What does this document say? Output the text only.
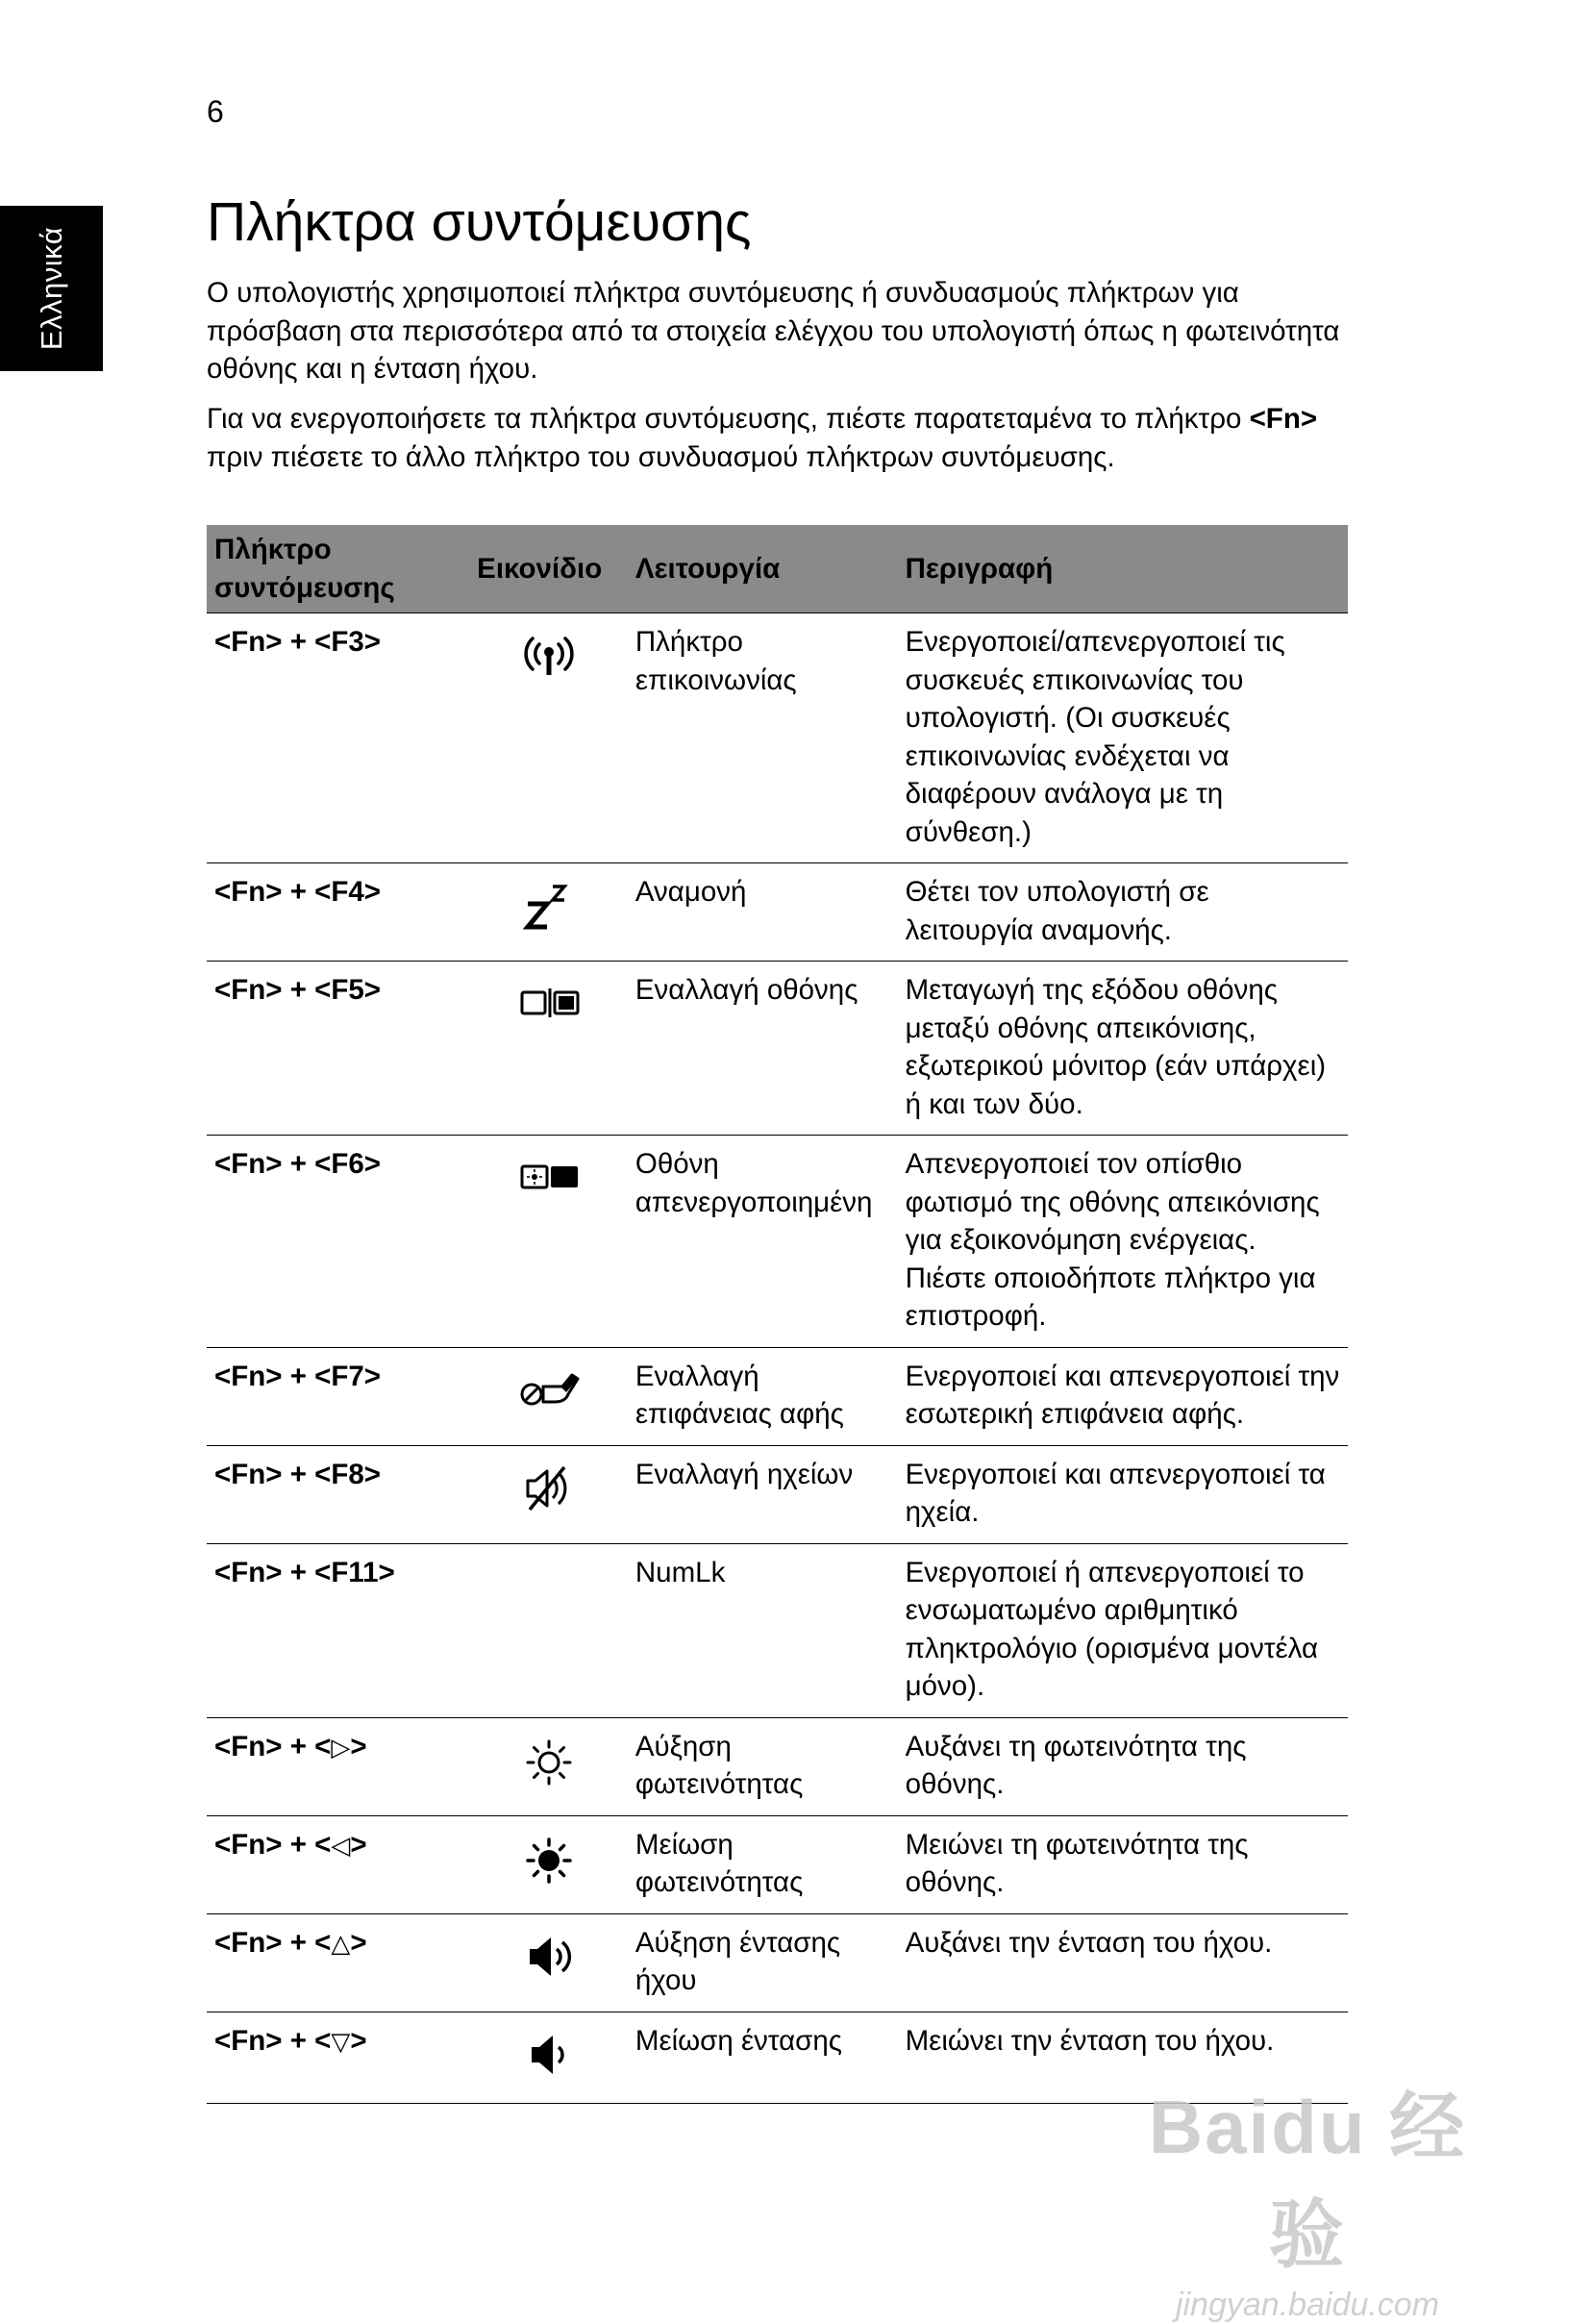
6
Ελληνικά
Πλήκτρα συντόμευσης

Ο υπολογιστής χρησιμοποιεί πλήκτρα συντόμευσης ή συνδυασμούς πλήκτρων για πρόσβαση στα περισσότερα από τα στοιχεία ελέγχου του υπολογιστή όπως η φωτεινότητα οθόνης και η ένταση ήχου.

Για να ενεργοποιήσετε τα πλήκτρα συντόμευσης, πιέστε παρατεταμένα το πλήκτρο <Fn> πριν πιέσετε το άλλο πλήκτρο του συνδυασμού πλήκτρων συντόμευσης.

Πλήκτρο συντόμευσης	Εικονίδιο	Λειτουργία	Περιγραφή
<Fn> + <F3>		Πλήκτρο επικοινωνίας	Ενεργοποιεί/απενεργοποιεί τις συσκευές επικοινωνίας του υπολογιστή. (Οι συσκευές επικοινωνίας ενδέχεται να διαφέρουν ανάλογα με τη σύνθεση.)
<Fn> + <F4>		Αναμονή	Θέτει τον υπολογιστή σε λειτουργία αναμονής.
<Fn> + <F5>		Εναλλαγή οθόνης	Μεταγωγή της εξόδου οθόνης μεταξύ οθόνης απεικόνισης, εξωτερικού μόνιτορ (εάν υπάρχει) ή και των δύο.
<Fn> + <F6>		Οθόνη απενεργοποιημένη	Απενεργοποιεί τον οπίσθιο φωτισμό της οθόνης απεικόνισης για εξοικονόμηση ενέργειας. Πιέστε οποιοδήποτε πλήκτρο για επιστροφή.
<Fn> + <F7>		Εναλλαγή επιφάνειας αφής	Ενεργοποιεί και απενεργοποιεί την εσωτερική επιφάνεια αφής.
<Fn> + <F8>		Εναλλαγή ηχείων	Ενεργοποιεί και απενεργοποιεί τα ηχεία.
<Fn> + <F11>		NumLk	Ενεργοποιεί ή απενεργοποιεί το ενσωματωμένο αριθμητικό πληκτρολόγιο (ορισμένα μοντέλα μόνο).
<Fn> + <▷>		Αύξηση φωτεινότητας	Αυξάνει τη φωτεινότητα της οθόνης.
<Fn> + <◁>		Μείωση φωτεινότητας	Μειώνει τη φωτεινότητα της οθόνης.
<Fn> + <△>		Αύξηση έντασης ήχου	Αυξάνει την ένταση του ήχου.
<Fn> + <▽>		Μείωση έντασης	Μειώνει την ένταση του ήχου.
Baidu 经验
jingyan.baidu.com
